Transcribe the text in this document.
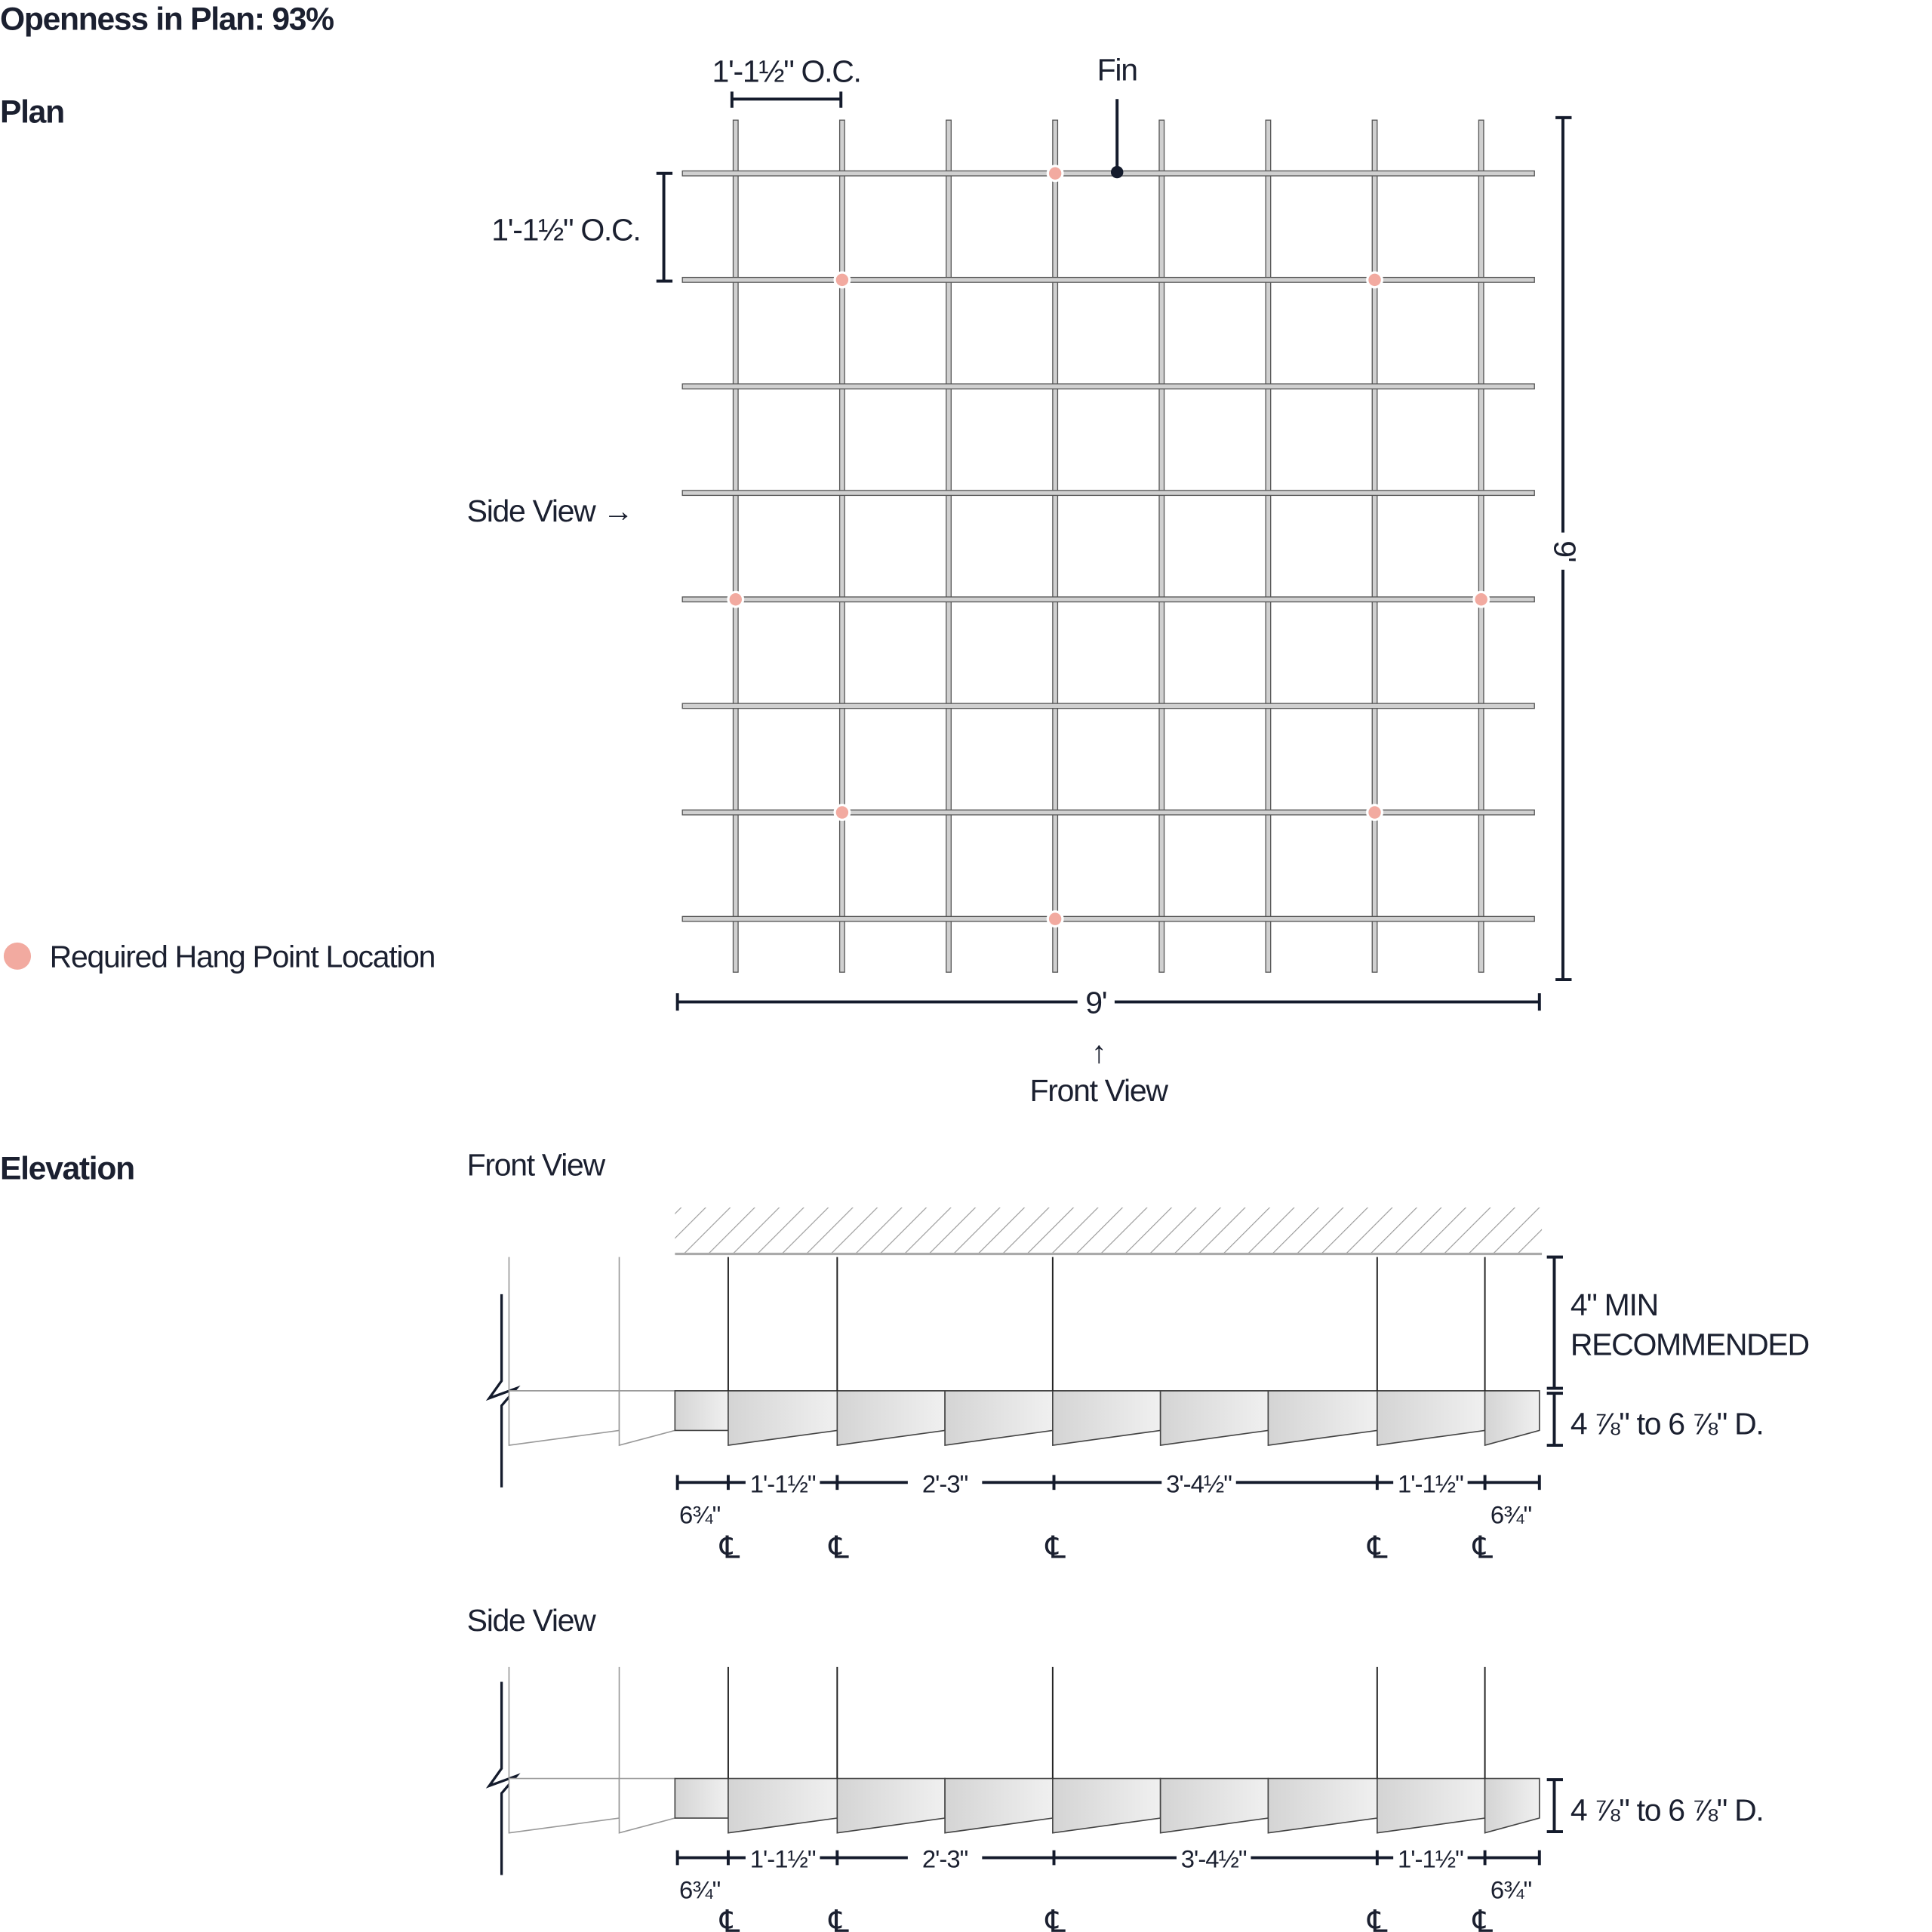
Openness in Plan: 93%
Plan
Elevation
1'-1½" O.C.
1'-1½" O.C.
Fin
9'
9'
↑
Front View
Side View →
Required Hang Point Location
Front View
6¾"
1'-1½"	2'-3"	3'-4½"	1'-1½"
6¾"
℄	℄	℄	℄	℄
4" MIN
RECOMMENDED
4 ⅞" to 6 ⅞" D.
Side View
6¾"
1'-1½"	2'-3"	3'-4½"	1'-1½"
6¾"
℄	℄	℄	℄	℄
4 ⅞" to 6 ⅞" D.
